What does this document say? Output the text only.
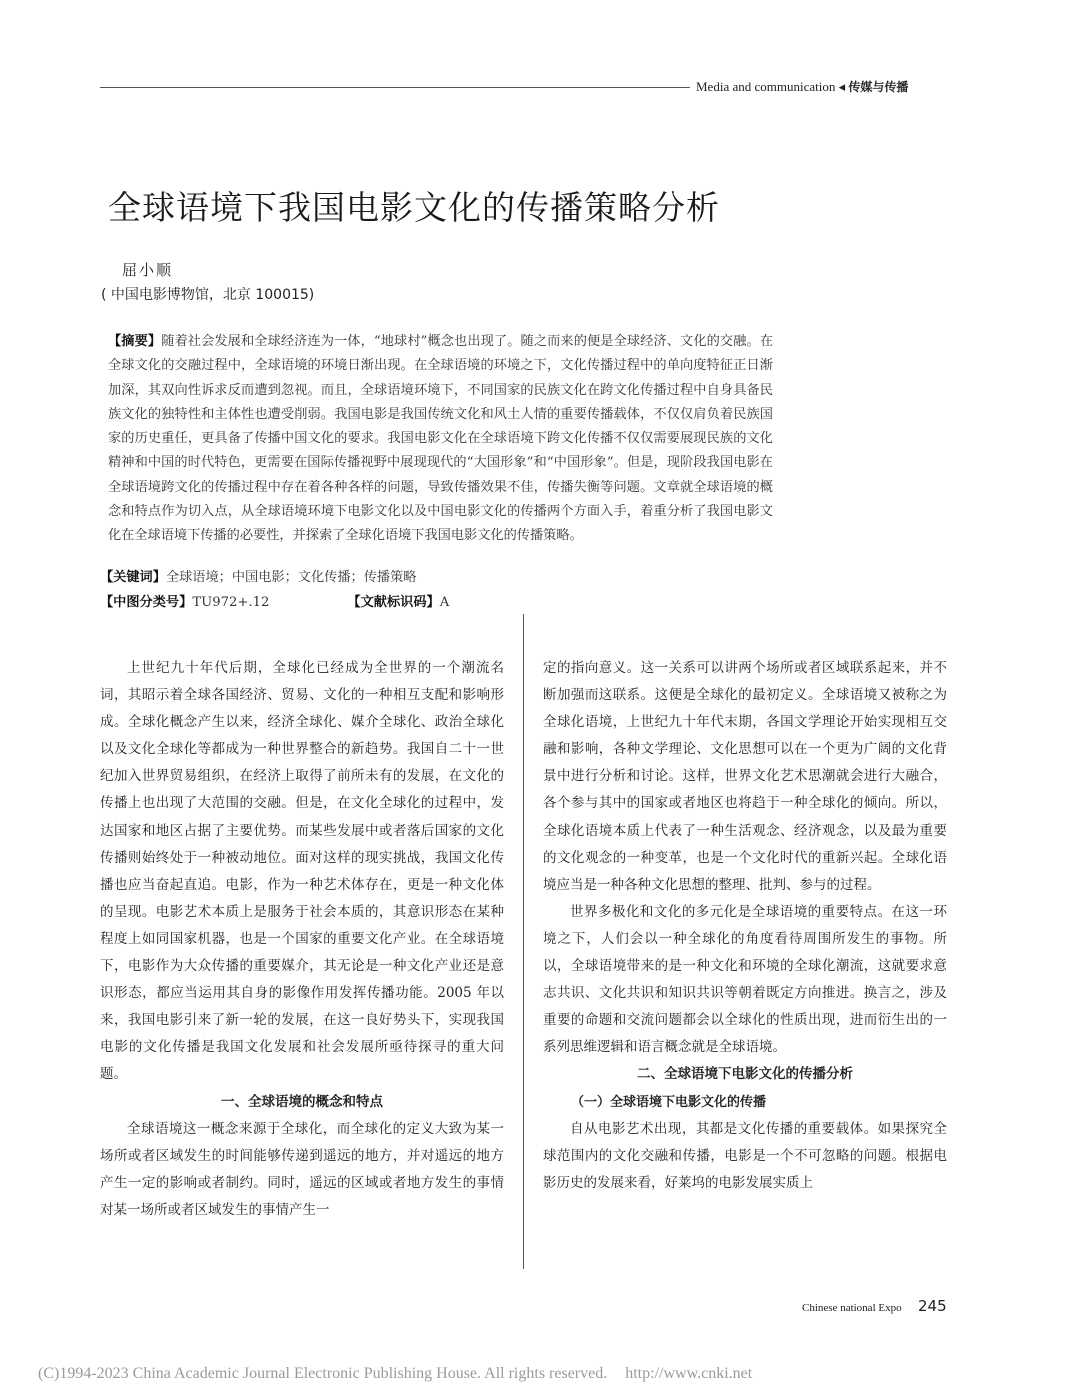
Media and communication ◂ 传媒与传播
全球语境下我国电影文化的传播策略分析
屈小顺
( 中国电影博物馆，北京 100015)
【摘要】随着社会发展和全球经济连为一体，“地球村”概念也出现了。随之而来的便是全球经济、文化的交融。在全球文化的交融过程中，全球语境的环境日渐出现。在全球语境的环境之下，文化传播过程中的单向度特征正日渐加深，其双向性诉求反而遭到忽视。而且，全球语境环境下，不同国家的民族文化在跨文化传播过程中自身具备民族文化的独特性和主体性也遭受削弱。我国电影是我国传统文化和风土人情的重要传播载体，不仅仅肩负着民族国家的历史重任，更具备了传播中国文化的要求。我国电影文化在全球语境下跨文化传播不仅仅需要展现民族的文化精神和中国的时代特色，更需要在国际传播视野中展现现代的“大国形象”和“中国形象”。但是，现阶段我国电影在全球语境跨文化的传播过程中存在着各种各样的问题，导致传播效果不佳，传播失衡等问题。文章就全球语境的概念和特点作为切入点，从全球语境环境下电影文化以及中国电影文化的传播两个方面入手，着重分析了我国电影文化在全球语境下传播的必要性，并探索了全球化语境下我国电影文化的传播策略。
【关键词】全球语境；中国电影；文化传播；传播策略
【中图分类号】TU972+.12	【文献标识码】A

上世纪九十年代后期，全球化已经成为全世界的一个潮流名词，其昭示着全球各国经济、贸易、文化的一种相互支配和影响形成。全球化概念产生以来，经济全球化、媒介全球化、政治全球化以及文化全球化等都成为一种世界整合的新趋势。我国自二十一世纪加入世界贸易组织，在经济上取得了前所未有的发展，在文化的传播上也出现了大范围的交融。但是，在文化全球化的过程中，发达国家和地区占据了主要优势。而某些发展中或者落后国家的文化传播则始终处于一种被动地位。面对这样的现实挑战，我国文化传播也应当奋起直追。电影，作为一种艺术体存在，更是一种文化体的呈现。电影艺术本质上是服务于社会本质的，其意识形态在某种程度上如同国家机器，也是一个国家的重要文化产业。在全球语境下，电影作为大众传播的重要媒介，其无论是一种文化产业还是意识形态，都应当运用其自身的影像作用发挥传播功能。2005 年以来，我国电影引来了新一轮的发展，在这一良好势头下，实现我国电影的文化传播是我国文化发展和社会发展所亟待探寻的重大问题。

一、全球语境的概念和特点

全球语境这一概念来源于全球化，而全球化的定义大致为某一场所或者区域发生的时间能够传递到遥远的地方，并对遥远的地方产生一定的影响或者制约。同时，遥远的区域或者地方发生的事情对某一场所或者区域发生的事情产生一

定的指向意义。这一关系可以讲两个场所或者区域联系起来，并不断加强而这联系。这便是全球化的最初定义。全球语境又被称之为全球化语境，上世纪九十年代末期，各国文学理论开始实现相互交融和影响，各种文学理论、文化思想可以在一个更为广阔的文化背景中进行分析和讨论。这样，世界文化艺术思潮就会进行大融合，各个参与其中的国家或者地区也将趋于一种全球化的倾向。所以，全球化语境本质上代表了一种生活观念、经济观念，以及最为重要的文化观念的一种变革，也是一个文化时代的重新兴起。全球化语境应当是一种各种文化思想的整理、批判、参与的过程。

世界多极化和文化的多元化是全球语境的重要特点。在这一环境之下，人们会以一种全球化的角度看待周围所发生的事物。所以，全球语境带来的是一种文化和环境的全球化潮流，这就要求意志共识、文化共识和知识共识等朝着既定方向推进。换言之，涉及重要的命题和交流问题都会以全球化的性质出现，进而衍生出的一系列思维逻辑和语言概念就是全球语境。

二、全球语境下电影文化的传播分析
（一）全球语境下电影文化的传播

自从电影艺术出现，其都是文化传播的重要载体。如果探究全球范围内的文化交融和传播，电影是一个不可忽略的问题。根据电影历史的发展来看，好莱坞的电影发展实质上

Chinese national Expo 245
(C)1994-2023 China Academic Journal Electronic Publishing House. All rights reserved. http://www.cnki.net
